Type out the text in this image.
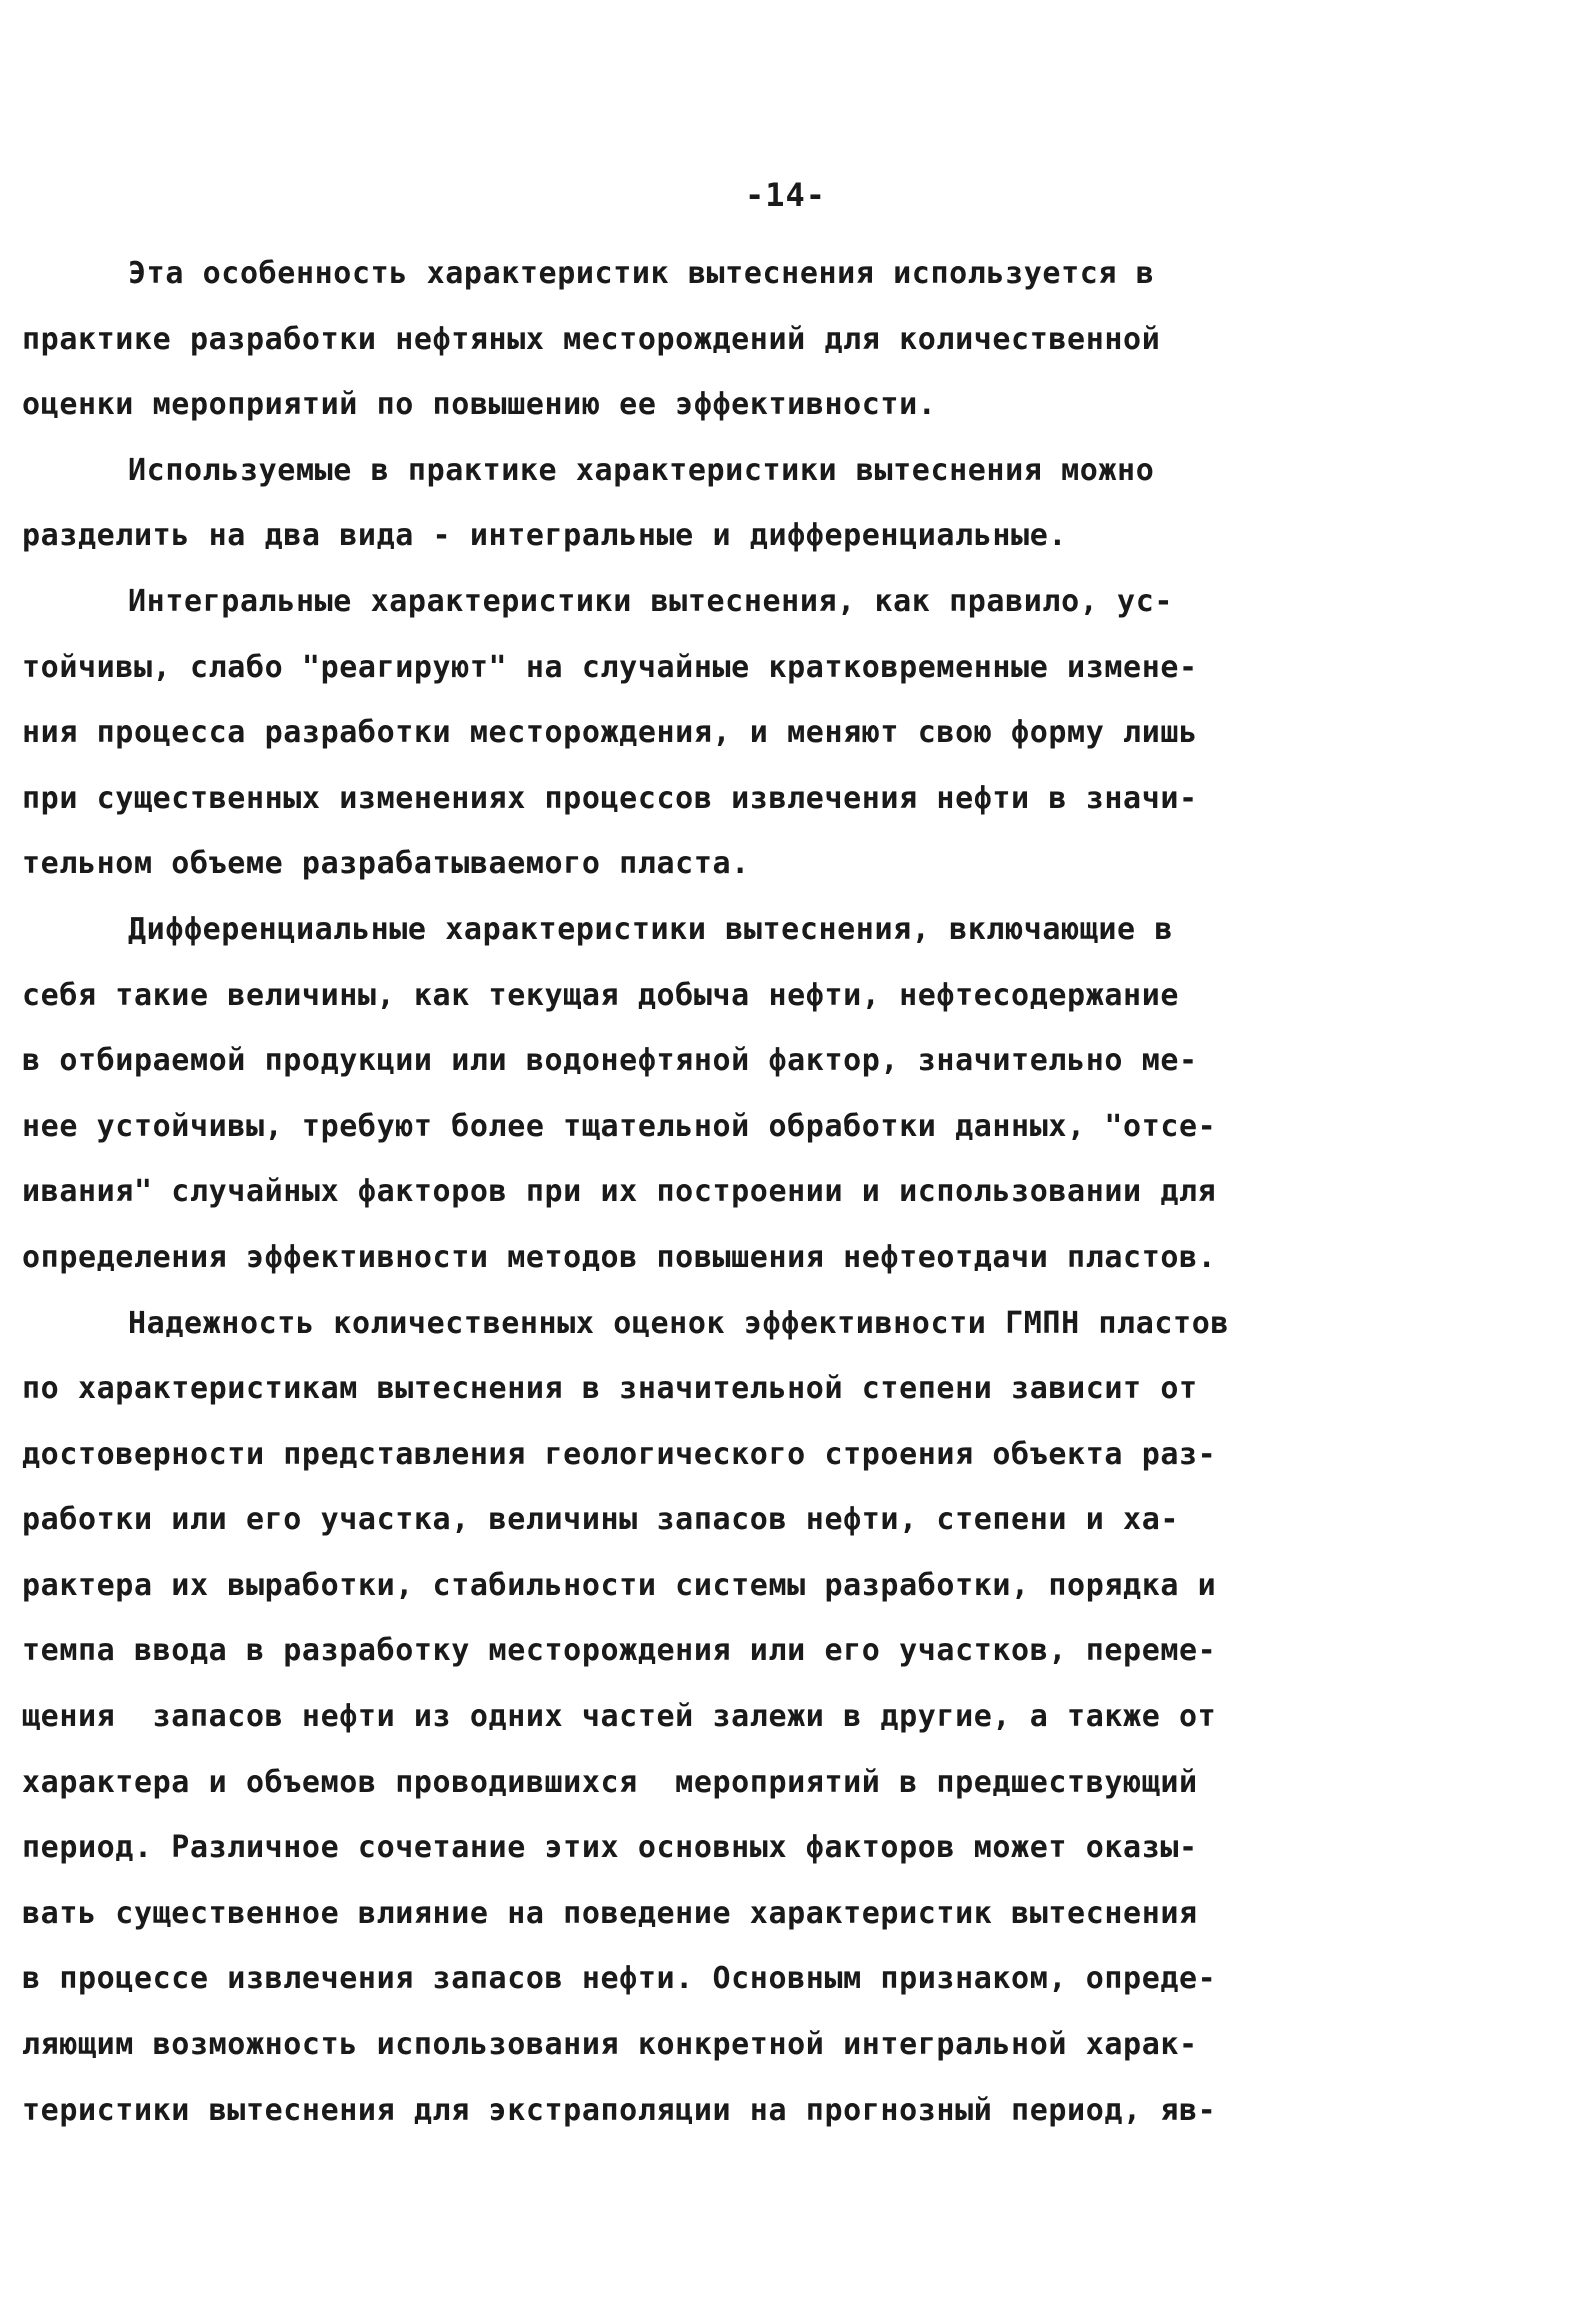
-14-
Эта особенность характеристик вытеснения используется в
практике разработки нефтяных месторождений для количественной
оценки мероприятий по повышению ее эффективности.
Используемые в практике характеристики вытеснения можно
разделить на два вида - интегральные и дифференциальные.
Интегральные характеристики вытеснения, как правило, ус-
тойчивы, слабо "реагируют" на случайные кратковременные измене-
ния процесса разработки месторождения, и меняют свою форму лишь
при существенных изменениях процессов извлечения нефти в значи-
тельном объеме разрабатываемого пласта.
Дифференциальные характеристики вытеснения, включающие в
себя такие величины, как текущая добыча нефти, нефтесодержание
в отбираемой продукции или водонефтяной фактор, значительно ме-
нее устойчивы, требуют более тщательной обработки данных, "отсе-
ивания" случайных факторов при их построении и использовании для
определения эффективности методов повышения нефтеотдачи пластов.
Надежность количественных оценок эффективности ГМПН пластов
по характеристикам вытеснения в значительной степени зависит от
достоверности представления геологического строения объекта раз-
работки или его участка, величины запасов нефти, степени и ха-
рактера их выработки, стабильности системы разработки, порядка и
темпа ввода в разработку месторождения или его участков, переме-
щения  запасов нефти из одних частей залежи в другие, а также от
характера и объемов проводившихся  мероприятий в предшествующий
период. Различное сочетание этих основных факторов может оказы-
вать существенное влияние на поведение характеристик вытеснения
в процессе извлечения запасов нефти. Основным признаком, опреде-
ляющим возможность использования конкретной интегральной харак-
теристики вытеснения для экстраполяции на прогнозный период, яв-
